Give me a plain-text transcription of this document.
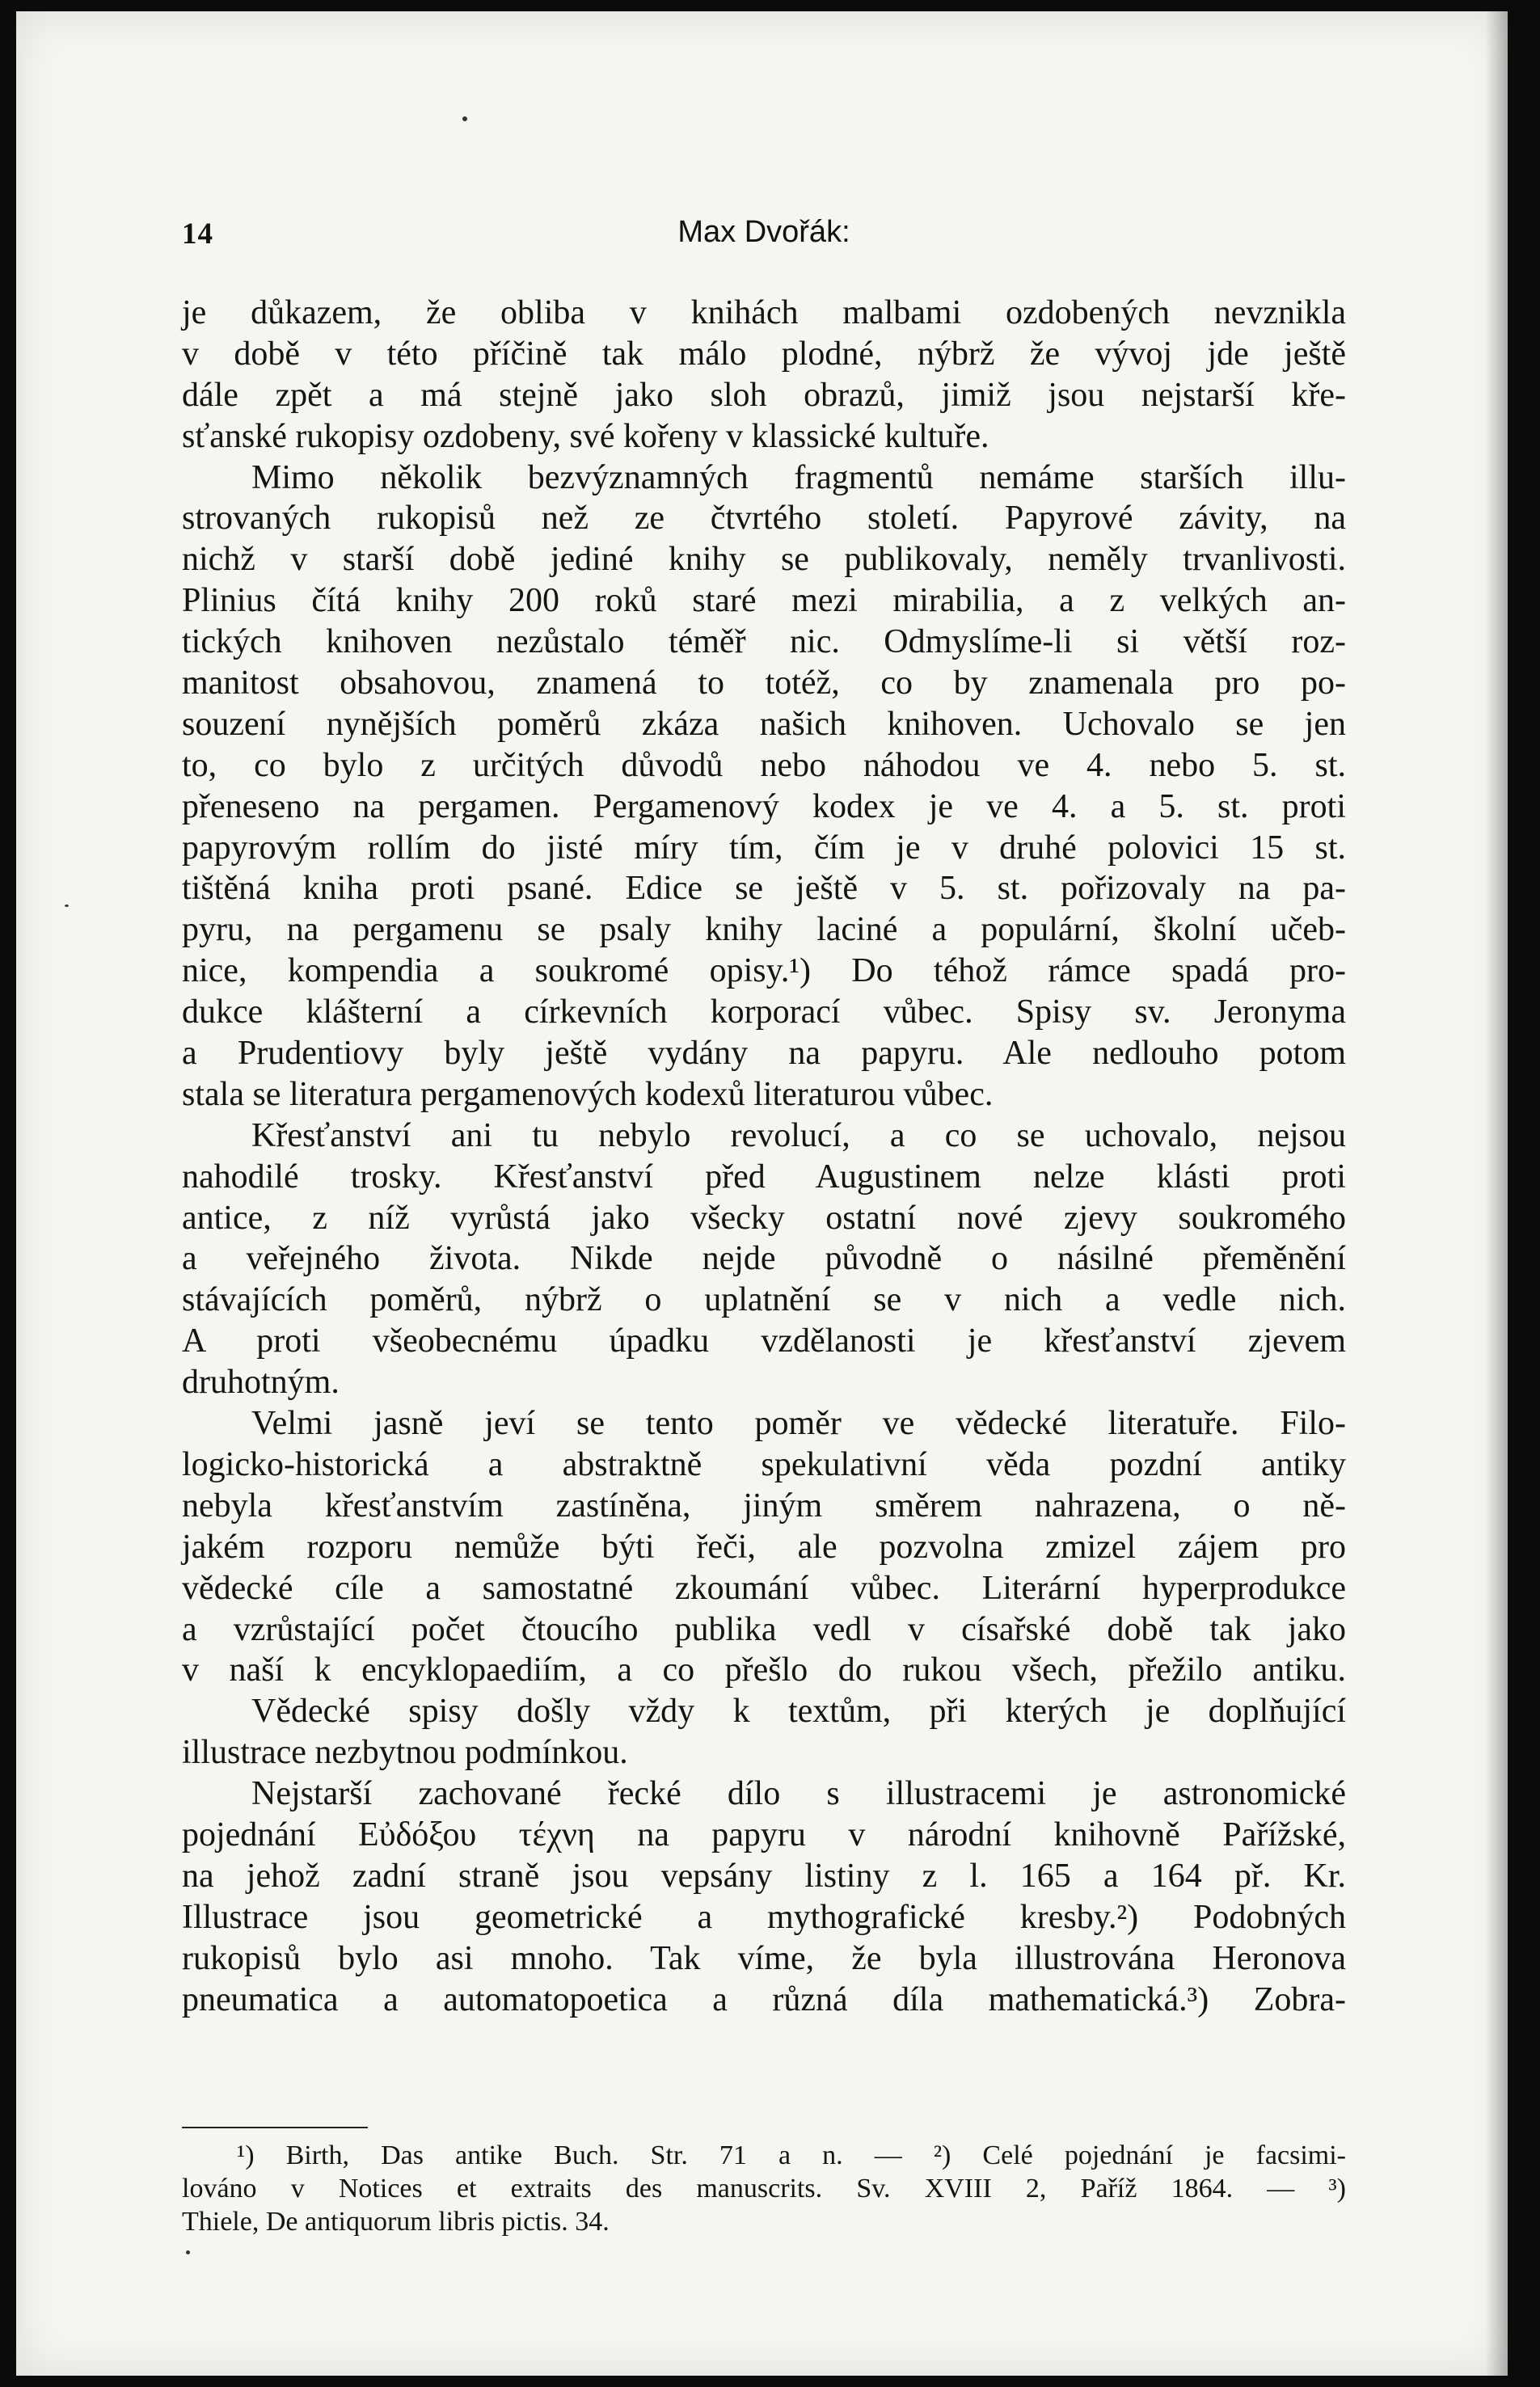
14	Max Dvořák:
je důkazem, že obliba v knihách malbami ozdobených nevznikla
v době v této příčině tak málo plodné, nýbrž že vývoj jde ještě
dále zpět a má stejně jako sloh obrazů, jimiž jsou nejstarší kře-
sťanské rukopisy ozdobeny, své kořeny v klassické kultuře.
Mimo několik bezvýznamných fragmentů nemáme starších illu-
strovaných rukopisů než ze čtvrtého století. Papyrové závity, na
nichž v starší době jediné knihy se publikovaly, neměly trvanlivosti.
Plinius čítá knihy 200 roků staré mezi mirabilia, a z velkých an-
tických knihoven nezůstalo téměř nic. Odmyslíme-li si větší roz-
manitost obsahovou, znamená to totéž, co by znamenala pro po-
souzení nynějších poměrů zkáza našich knihoven. Uchovalo se jen
to, co bylo z určitých důvodů nebo náhodou ve 4. nebo 5. st.
přeneseno na pergamen. Pergamenový kodex je ve 4. a 5. st. proti
papyrovým rollím do jisté míry tím, čím je v druhé polovici 15 st.
tištěná kniha proti psané. Edice se ještě v 5. st. pořizovaly na pa-
pyru, na pergamenu se psaly knihy laciné a populární, školní učeb-
nice, kompendia a soukromé opisy.¹) Do téhož rámce spadá pro-
dukce klášterní a církevních korporací vůbec. Spisy sv. Jeronyma
a Prudentiovy byly ještě vydány na papyru. Ale nedlouho potom
stala se literatura pergamenových kodexů literaturou vůbec.
Křesťanství ani tu nebylo revolucí, a co se uchovalo, nejsou
nahodilé trosky. Křesťanství před Augustinem nelze klásti proti
antice, z níž vyrůstá jako všecky ostatní nové zjevy soukromého
a veřejného života. Nikde nejde původně o násilné přeměnění
stávajících poměrů, nýbrž o uplatnění se v nich a vedle nich.
A proti všeobecnému úpadku vzdělanosti je křesťanství zjevem
druhotným.
Velmi jasně jeví se tento poměr ve vědecké literatuře. Filo-
logicko-historická a abstraktně spekulativní věda pozdní antiky
nebyla křesťanstvím zastíněna, jiným směrem nahrazena, o ně-
jakém rozporu nemůže býti řeči, ale pozvolna zmizel zájem pro
vědecké cíle a samostatné zkoumání vůbec. Literární hyperprodukce
a vzrůstající počet čtoucího publika vedl v císařské době tak jako
v naší k encyklopaediím, a co přešlo do rukou všech, přežilo antiku.
Vědecké spisy došly vždy k textům, při kterých je doplňující
illustrace nezbytnou podmínkou.
Nejstarší zachované řecké dílo s illustracemi je astronomické
pojednání Εὐδόξου τέχνη na papyru v národní knihovně Pařížské,
na jehož zadní straně jsou vepsány listiny z l. 165 a 164 př. Kr.
Illustrace jsou geometrické a mythografické kresby.²) Podobných
rukopisů bylo asi mnoho. Tak víme, že byla illustrována Heronova
pneumatica a automatopoetica a různá díla mathematická.³) Zobra-
¹) Birth, Das antike Buch. Str. 71 a n. — ²) Celé pojednání je facsimi-
lováno v Notices et extraits des manuscrits. Sv. XVIII 2, Paříž 1864. — ³)
Thiele, De antiquorum libris pictis. 34.
